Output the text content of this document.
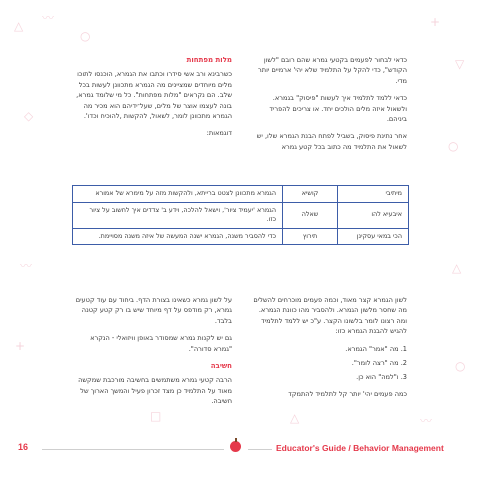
△
〰
○
+
▽
◇
○
〰	△
+
○
□	△	〰

כדאי לבחור לפעמים בקטעי גמרא שהם רובם "לשון הקודש", כדי להקל על התלמיד שלא יהי' ארמיים יותר מדי.

כדאי ללמד לתלמיד איך לעשות "פיסוק" בגמרא. ולשאול איזה מלים הולכים יחד. או צריכים להפריד ביניהם.

אחר נתינת פיסוק, בשביל לפתח הבנת הגמרא שלו, יש לשאול את התלמיד מה כתוב בכל קטע גמרא

מלות מפתחות

כשרבינא ורב אשי סידרו וכתבו את הגמרא, הוכנסו לתוכו מלים מיוחדים שמציינים מה הגמרא מתכוונן לעשות בכל שלב. הם נקראים "מלות מפתחות". כל מי שלומד גמרא, בונה לעצמו אוצר של מלים, שעל־ידיהם הוא מכיר מה הגמרא מתכוונן לומר, לשאול, להקשות ,להוכיח וכדו'.

דוגמאות:

מיתיבי	קושיא	הגמרא מתכוונן לצטט ברייתא, ולהקשות מזה על מימרא של אמורא
איבעיא להו	שאלה	הגמרא 'יעמיד ציור', וישאל להלכה, וידע ב' צדדים איך לחשוב על ציור כזו.
הכי במאי עסקינן	תירוץ	כדי להסביר משנה, הגמרא ישנה המעשה של איזה משנה מסויימת.

לשון הגמרא קצר מאוד, וכמה פעמים מוכרחים להשלים מה שחסר מלשון הגמרא. ולהסביר מהו כוונת הגמרא. ומה רצונו לומר בלשונו הקצר. ע"כ יש ללמד לתלמיד להגיש להבנת הגמרא כזו:

1. מה "אמר" הגמרא.
2. מה "רצה לומר".
3. ו"למה" הוא כן.

כמה פעמים יהי' יותר קל לתלמיד להתמקד

על לשון גמרא כשאינו בצורת הדף. ביחוד עם עוד קטעים גמרא, רק מודפס על דף מיוחד שיש בו רק קטע קטנה בלבד.

גם יש לקנות גמרא שמסודר באופן וויזואלי - הנקרא "גמרא סדורה".

חשיבה

הרבה קטעי גמרא משתמשים בחשיבה מורכבת שמקשה מאוד על התלמיד כן מצד זכרון פעיל והמשך הארוך של חשיבה.

16	Educator's Guide / Behavior Management
